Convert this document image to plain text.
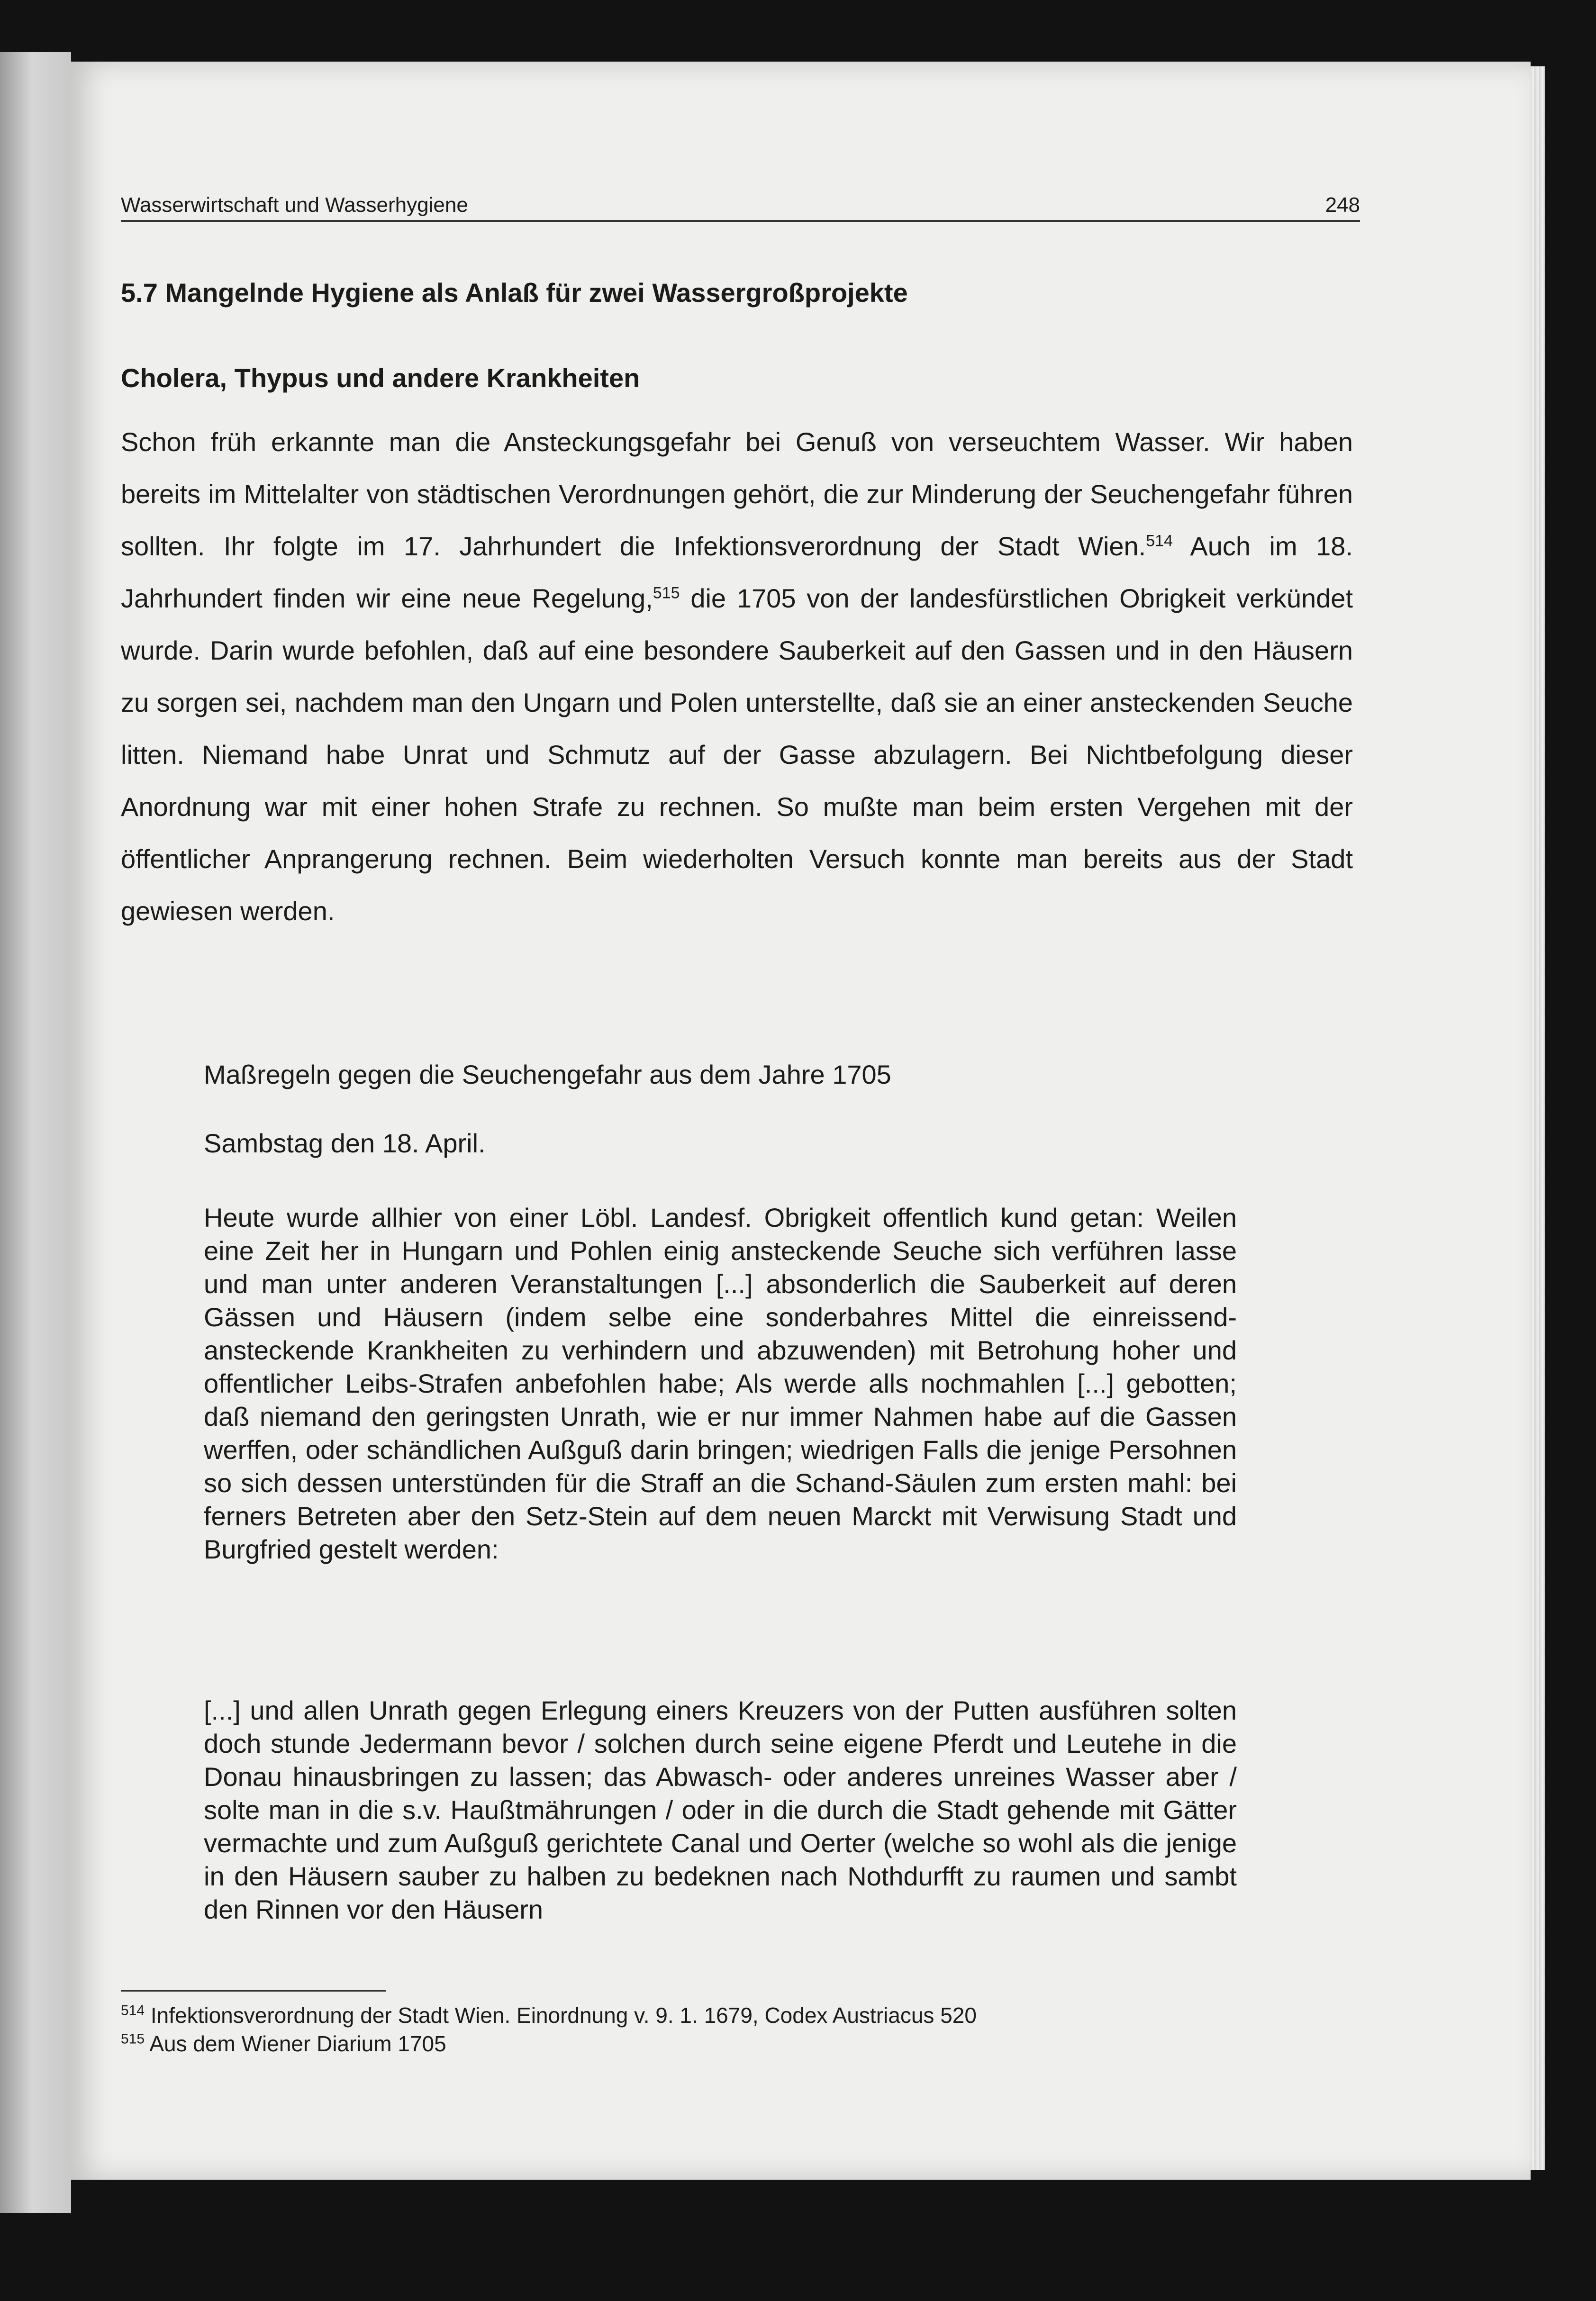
Wasserwirtschaft und Wasserhygiene	248
5.7 Mangelnde Hygiene als Anlaß für zwei Wassergroßprojekte
Cholera, Thypus und andere Krankheiten

Schon früh erkannte man die Ansteckungsgefahr bei Genuß von verseuchtem Wasser. Wir haben bereits im Mittelalter von städtischen Verordnungen gehört, die zur Minderung der Seuchengefahr führen sollten. Ihr folgte im 17. Jahrhundert die Infektionsverordnung der Stadt Wien.$^{514}$ Auch im 18. Jahrhundert finden wir eine neue Regelung,$^{515}$ die 1705 von der landesfürstlichen Obrigkeit verkündet wurde. Darin wurde befohlen, daß auf eine besondere Sauberkeit auf den Gassen und in den Häusern zu sorgen sei, nachdem man den Ungarn und Polen unterstellte, daß sie an einer ansteckenden Seuche litten. Niemand habe Unrat und Schmutz auf der Gasse abzulagern. Bei Nichtbefolgung dieser Anordnung war mit einer hohen Strafe zu rechnen. So mußte man beim ersten Vergehen mit der öffentlicher Anprangerung rechnen. Beim wiederholten Versuch konnte man bereits aus der Stadt gewiesen werden.

Maßregeln gegen die Seuchengefahr aus dem Jahre 1705
Sambstag den 18. April.

Heute wurde allhier von einer Löbl. Landesf. Obrigkeit offentlich kund getan: Weilen eine Zeit her in Hungarn und Pohlen einig ansteckende Seuche sich verführen lasse und man unter anderen Veranstaltungen [...] absonderlich die Sauberkeit auf deren Gässen und Häusern (indem selbe eine sonderbahres Mittel die einreissend-ansteckende Krankheiten zu verhindern und abzuwenden) mit Betrohung hoher und offentlicher Leibs-Strafen anbefohlen habe; Als werde alls nochmahlen [...] gebotten; daß niemand den geringsten Unrath, wie er nur immer Nahmen habe auf die Gassen werffen, oder schändlichen Außguß darin bringen; wiedrigen Falls die jenige Persohnen so sich dessen unterstünden für die Straff an die Schand-Säulen zum ersten mahl: bei ferners Betreten aber den Setz-Stein auf dem neuen Marckt mit Verwisung Stadt und Burgfried gestelt werden:

[...] und allen Unrath gegen Erlegung einers Kreuzers von der Putten ausführen solten doch stunde Jedermann bevor / solchen durch seine eigene Pferdt und Leutehe in die Donau hinausbringen zu lassen; das Abwasch- oder anderes unreines Wasser aber / solte man in die s.v. Haußtmährungen / oder in die durch die Stadt gehende mit Gätter vermachte und zum Außguß gerichtete Canal und Oerter (welche so wohl als die jenige in den Häusern sauber zu halben zu bedeknen nach Nothdurfft zu raumen und sambt den Rinnen vor den Häusern

$^{514}$ Infektionsverordnung der Stadt Wien. Einordnung v. 9. 1. 1679, Codex Austriacus 520
$^{515}$ Aus dem Wiener Diarium 1705
